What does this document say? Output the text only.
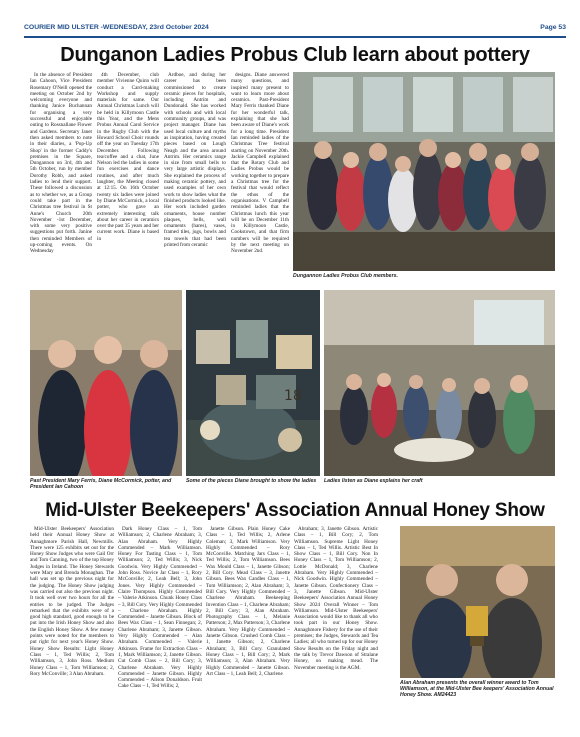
COURIER MID ULSTER -WEDNESDAY, 23rd October 2024	Page 53
Dunganon Ladies Probus Club learn about pottery

In the absence of President Ian Cahoon, Vice President Rosemary O'Neill opened the meeting on October 2nd by welcoming everyone and thanking Janice Buchannan for organising a very successful and enjoyable outing to Rossnallane Flower and Gardens. Secretary Janet then asked members to note in their diaries, a 'Pop-Up Shop' in the former Caddy's premises in the Square, Dungannon on 3rd, 4th and 5th October, run by member Dorothy Robb, and asked ladies to lend their support. These followed a discussion as to whether we, as a Group could take part in the Christmas tree festival in St Anne's Church 20th November -1st December, with some very positive suggestions put forth. Janine then reminded Members of up-coming events. On Wednesday

4th December, club member Vivienne Quinn will conduct a Card-making Workshop and supply materials for same. Our Annual Christmas Lunch will be held in Killymoon Castle this Year, and the Mens Probus Annual Carol Service in the Rugby Club with the Howard School Choir rounds off the year on Tuesday 17th December. Following tea/coffee and a chat, June Nelson led the ladies in some fun exercises and dance routines, and after much laughter, the Meeting closed at 12:15. On 16th October twenty six ladies were joined by Diane McCormick, a local potter, who gave an extremely interesting talk about her career in ceramics over the past 35 years and her current work. Diane is based in

Ardboe, and during her career has been commissioned to create ceramic pieces for hospitals, including Antrim and Dundonald. She has worked with schools and with local community groups, and was project manager. Diane has used local culture and myths as inspiration, having created pieces based on Lough Neagh and the area around Antrim. Her ceramics range in size from small bells to very large artistic displays. She explained the process of making ceramic pottery, and used examples of her own work to show ladies what the finished products looked like. Her work included garden ornaments, house number plaques, bells, wall ornaments (hares), vases, framed tiles, jugs, bowls and tea towels that had been printed from ceramic

designs. Diane answered many questions, and inspired many present to want to learn more about ceramics. Past-President Mary Ferris thanked Diane for her wonderful talk, explaining that she had been aware of Diane's work for a long time. President Ian reminded ladies of the Christmas Tree festival starting on November 20th. Jackie Campbell explained that the Rotary Club and Ladies Probus would be working together to prepare a Christmas tree for the festival that would reflect the ethos of the organisations. V Campbell reminded ladies that the Christmas lunch this year will be on December 11th in Killymoon Castle, Cookstown, and that firm numbers will be required by the next meeting on November 2nd.

Dungannon Ladies Probus Club members.
Past President Mary Ferris, Diane McCormick, potter, and President Ian Cahoon
18
Some of the pieces Diane brought to show the ladies	Ladies listen as Diane explains her craft
Mid-Ulster Beekeepers' Association Annual Honey Show

Mid-Ulster Beekeepers' Association held their Annual Honey Show at Annaghmore Parish Hall, Newmills. There were 125 exhibits set out for the Honey Show Judges who were Gail Orr and Tom Canning, two of the top Honey Judges in Ireland. The Honey Stewards were Mary and Brenda Monaghan. The hall was set up the previous night for the judging. The Honey Show judging was carried out also the previous night. It took well over two hours for all the entries to be judged. The Judges remarked that the exhibits were of a good high standard, good enough to be put into the Irish Honey Show and also the English Honey Show. A few money points were noted for the members to put right for next year's Honey Show. Honey Show Results: Light Honey Class – 1, Ted Willis; 2, Tom Williamson, 3, John Ross. Medium Honey Class – 1, Tom Williamson; 2, Rory McConville; 3 Alan Abraham.

Dark Honey Class – 1, Tom Williamson; 2, Charlene Abraham; 3, Alan Abraham. Very Highly Commended – Mark Williamson. Honey For Tasting Class – 1, Tom Williamson; 2, Ted Willis; 3, Nick Goodwin. Very Highly Commended – John Ross. Novice Jar Class – 1, Rory McConville; 2, Leah Bell; 3, John Jones. Very Highly Commended – Claire Thompson. Highly Commended – Valerie Atkinson. Chunk Honey Class – 3, Bill Cory. Very Highly Commended – Charlene Abraham. Highly Commended – Janette Gibson. Block of Bees Wax Class – 1, Sean Finnegan; 2, Charlene Abraham; 3, Janette Gibson. Very Highly Commended – Alan Abraham. Commended – Valerie Atkinson. Frame for Extraction Class – 1, Mark Williamson; 2, Janette Gibson. Cut Comb Class – 2, Bill Cory; 3, Charlene Abraham. Very Highly Commended – Janette Gibson. Highly Commended – Alison Donaldson. Fruit Cake Class – 1, Ted Willis; 2,

Janette Gibson. Plain Honey Cake Class – 1, Ted Willis; 2, Arlene Coleman; 3, Mark Williamson. Very Highly Commended – Rory McConville. Matching Jars Class – 1, Ted Willis; 2, Tom Williamson. Bees Wax Mould Class – 1, Janette Gibson; 2, Bill Cory. Mead Class – 3, Janette Gibson. Bees Wax Candles Class – 1, Tom Williamson; 2, Alan Abraham; 3, Bill Cory. Very Highly Commended – Charlene Abraham. Beekeeping Invention Class – 1, Charlene Abraham; 2, Bill Cory; 3, Alan Abraham. Photography Class – 1, Melanie Patterson; 2, Max Patterson; 3, Charlene Abraham. Very Highly Commended – Janette Gibson. Crushed Comb Class – 1, Janette Gibson; 2, Charlene Abraham; 3, Bill Cory. Granulated Honey Class – 1, Bill Cory; 2, Mark Williamson; 3, Alan Abraham. Very Highly Commended – Janette Gibson. Art Class – 1, Leah Bell; 2, Charlene

Abraham; 3, Janette Gibson. Artistic Class – 1, Bill Cory; 2, Tom Williamson. Supreme Light Honey Class – 1, Ted Willis. Artistic Best In Show Class – 1, Bill Cory. Non In Honey Class – 1, Tom Williamson; 2, Lottie McDonald; 3, Charlene Abraham. Very Highly Commended – Nick Goodwin. Highly Commended – Janette Gibson. Confectionery Class – 3, Janette Gibson. Mid-Ulster Beekeepers' Association Annual Honey Show 2024 Overall Winner – Tom Williamson. Mid-Ulster Beekeepers' Association would like to thank all who took part in our Honey Show. Annaghmore Fishery for the use of their premises; the Judges, Stewards and Tea Ladies; all who turned up for our Honey Show Results on the Friday night and the talk by Trevor Dawson of Stralane Honey, on making mead. The November meeting is the AGM.

Alan Abraham presents the overall winner award to Tom Williamson, at the Mid-Ulster Bee keepers' Association Annual Honey Show. AM24423
